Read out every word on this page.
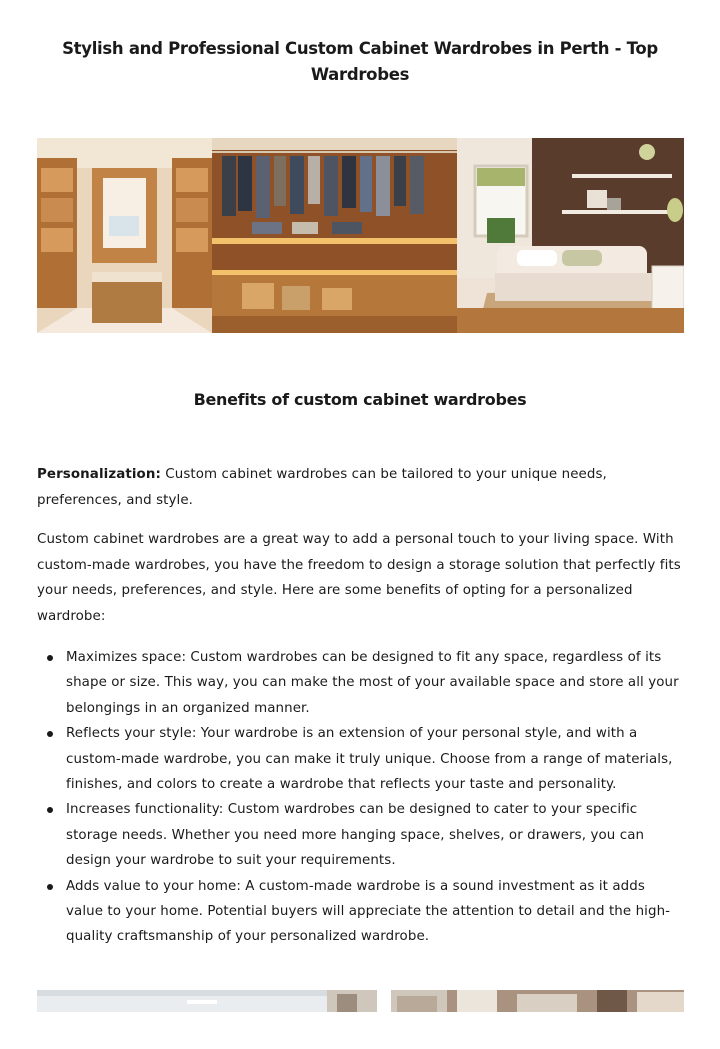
Stylish and Professional Custom Cabinet Wardrobes in Perth - Top Wardrobes
Benefits of custom cabinet wardrobes

Personalization: Custom cabinet wardrobes can be tailored to your unique needs, preferences, and style.

Custom cabinet wardrobes are a great way to add a personal touch to your living space. With custom-made wardrobes, you have the freedom to design a storage solution that perfectly fits your needs, preferences, and style. Here are some benefits of opting for a personalized wardrobe:

Maximizes space: Custom wardrobes can be designed to fit any space, regardless of its shape or size. This way, you can make the most of your available space and store all your belongings in an organized manner.
Reflects your style: Your wardrobe is an extension of your personal style, and with a custom-made wardrobe, you can make it truly unique. Choose from a range of materials, finishes, and colors to create a wardrobe that reflects your taste and personality.
Increases functionality: Custom wardrobes can be designed to cater to your specific storage needs. Whether you need more hanging space, shelves, or drawers, you can design your wardrobe to suit your requirements.
Adds value to your home: A custom-made wardrobe is a sound investment as it adds value to your home. Potential buyers will appreciate the attention to detail and the high-quality craftsmanship of your personalized wardrobe.
